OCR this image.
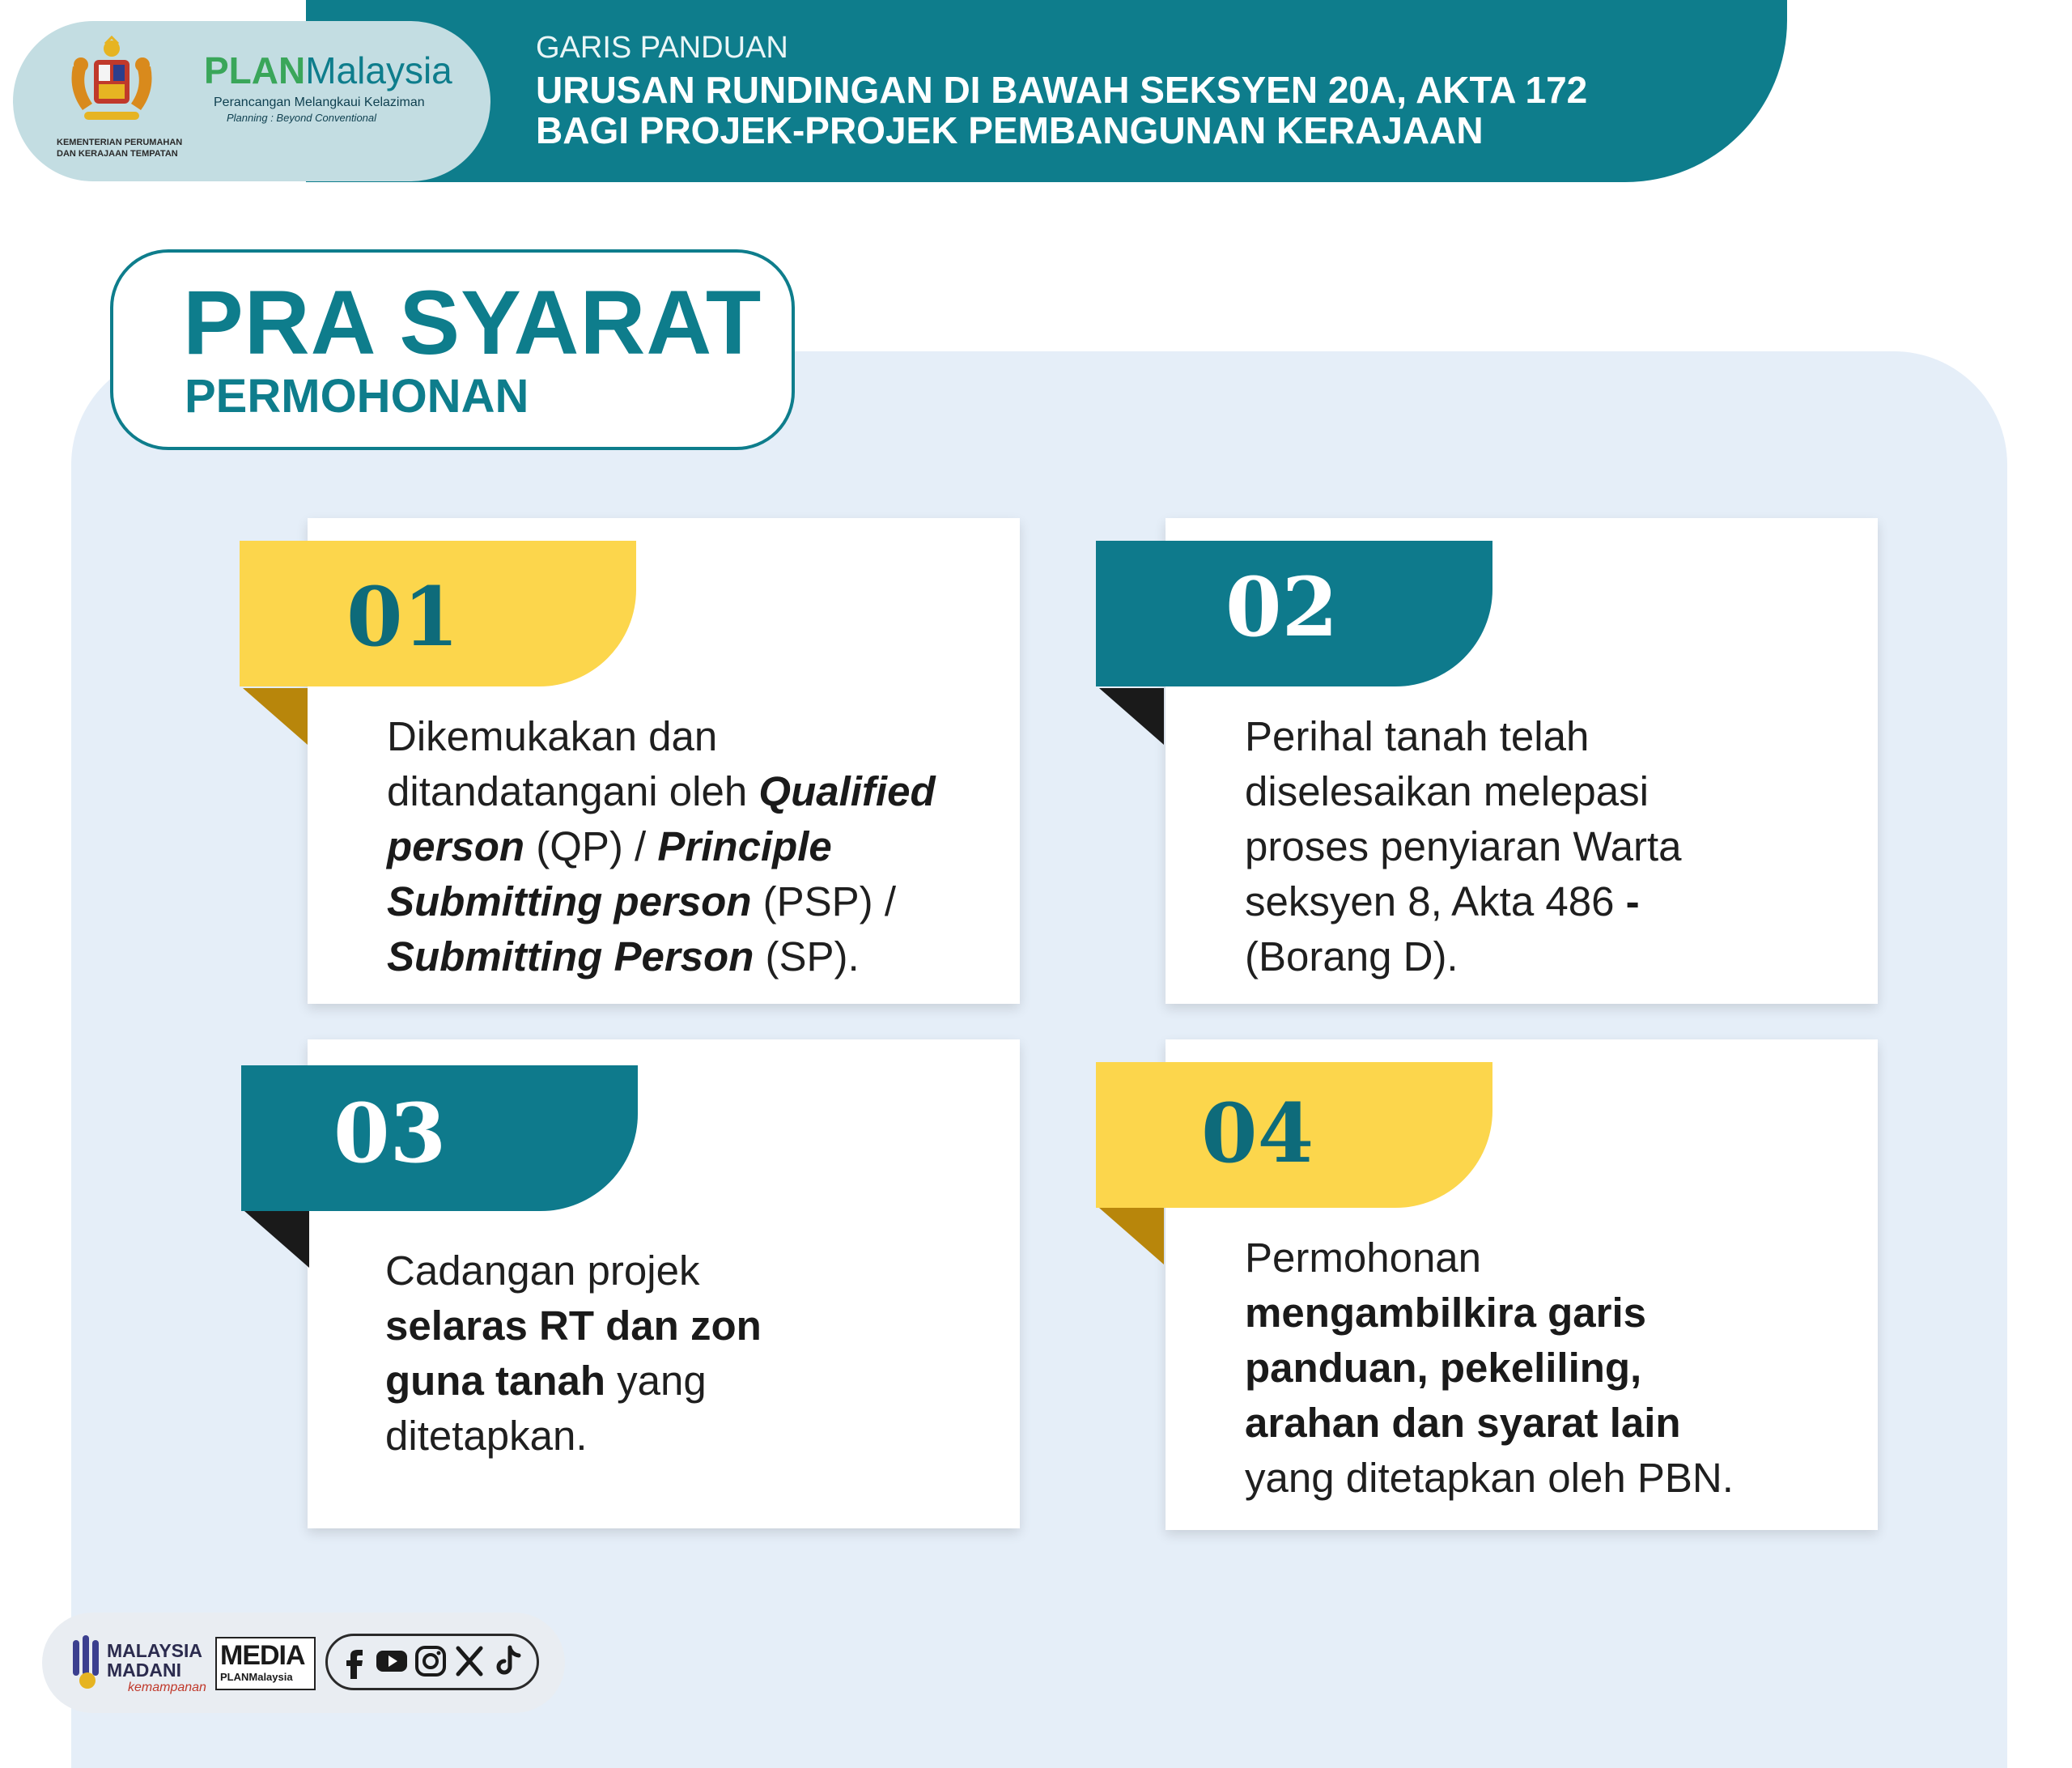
KEMENTERIAN PERUMAHAN DAN KERAJAAN TEMPATAN
PLANMalaysia
Perancangan Melangkaui Kelaziman
Planning : Beyond Conventional
GARIS PANDUAN
URUSAN RUNDINGAN DI BAWAH SEKSYEN 20A, AKTA 172
BAGI PROJEK-PROJEK PEMBANGUNAN KERAJAAN
PRA SYARAT
PERMOHONAN
01
Dikemukakan dan
ditandatangani oleh Qualified
person (QP) / Principle
Submitting person (PSP) /
Submitting Person (SP).
02
Perihal tanah telah
diselesaikan melepasi
proses penyiaran Warta
seksyen 8, Akta 486 -
(Borang D).
03
Cadangan projek
selaras RT dan zon
guna tanah yang
ditetapkan.
04
Permohonan
mengambilkira garis
panduan, pekeliling,
arahan dan syarat lain
yang ditetapkan oleh PBN.
MALAYSIA
MADANI
kemampanan
MEDIA
PLANMalaysia
